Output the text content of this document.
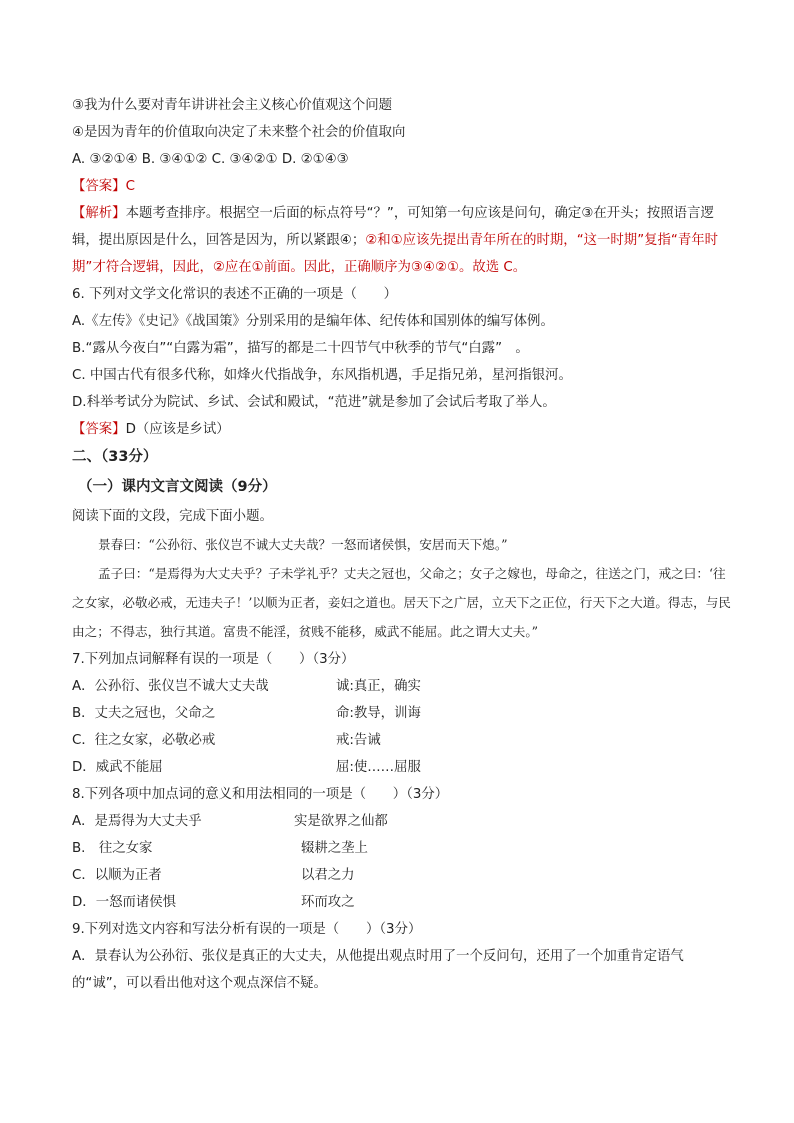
③我为什么要对青年讲讲社会主义核心价值观这个问题
④是因为青年的价值取向决定了未来整个社会的价值取向
A. ③②①④ B. ③④①② C. ③④②① D. ②①④③
【答案】C
【解析】本题考查排序。根据空一后面的标点符号“？”，可知第一句应该是问句，确定③在开头；按照语言逻辑，提出原因是什么，回答是因为，所以紧跟④；②和①应该先提出青年所在的时期，“这一时期”复指“青年时期”才符合逻辑，因此，②应在①前面。因此，正确顺序为③④②①。故选 C。
6. 下列对文学文化常识的表述不正确的一项是（　　）
A.《左传》《史记》《战国策》分别采用的是编年体、纪传体和国别体的编写体例。
B.“露从今夜白”“白露为霜”，描写的都是二十四节气中秋季的节气“白露”　。
C. 中国古代有很多代称，如烽火代指战争，东风指机遇，手足指兄弟，星河指银河。
D.科举考试分为院试、乡试、会试和殿试，“范进”就是参加了会试后考取了举人。
【答案】D（应该是乡试）
二、（33分）
（一）课内文言文阅读（9分）
阅读下面的文段，完成下面小题。
景春曰：“公孙衍、张仪岂不诚大丈夫哉？一怒而诸侯惧，安居而天下熄。”
孟子曰：“是焉得为大丈夫乎？子未学礼乎？丈夫之冠也，父命之；女子之嫁也，母命之，往送之门，戒之曰：‘往之女家，必敬必戒，无违夫子！’以顺为正者，妾妇之道也。居天下之广居，立天下之正位，行天下之大道。得志，与民由之；不得志，独行其道。富贵不能淫，贫贱不能移，威武不能屈。此之谓大丈夫。”
7.下列加点词解释有误的一项是（　　）（3分）
A．公孙衍、张仪岂不诚大丈夫哉	诚:真正，确实
B．丈夫之冠也，父命之	命:教导，训诲
C．往之女家，必敬必戒	戒:告诫
D．威武不能屈	屈:使……屈服
8.下列各项中加点词的意义和用法相同的一项是（　　）（3分）
A．是焉得为大丈夫乎	实是欲界之仙都
B.　往之女家	辍耕之垄上
C．以顺为正者	以君之力
D．一怒而诸侯惧	环而攻之
9.下列对选文内容和写法分析有误的一项是（　　）（3分）
A．景春认为公孙衍、张仪是真正的大丈夫，从他提出观点时用了一个反问句，还用了一个加重肯定语气的“诚”，可以看出他对这个观点深信不疑。
